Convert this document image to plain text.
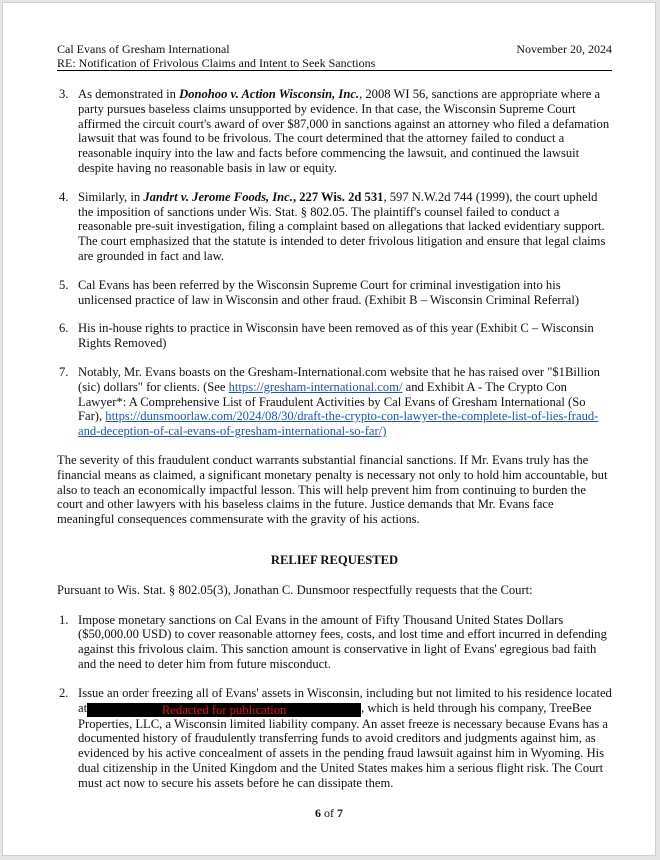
Cal Evans of Gresham International	November 20, 2024
RE: Notification of Frivolous Claims and Intent to Seek Sanctions
3. As demonstrated in Donohoo v. Action Wisconsin, Inc., 2008 WI 56, sanctions are appropriate where a party pursues baseless claims unsupported by evidence. In that case, the Wisconsin Supreme Court affirmed the circuit court's award of over $87,000 in sanctions against an attorney who filed a defamation lawsuit that was found to be frivolous. The court determined that the attorney failed to conduct a reasonable inquiry into the law and facts before commencing the lawsuit, and continued the lawsuit despite having no reasonable basis in law or equity.
4. Similarly, in Jandrt v. Jerome Foods, Inc., 227 Wis. 2d 531, 597 N.W.2d 744 (1999), the court upheld the imposition of sanctions under Wis. Stat. § 802.05. The plaintiff's counsel failed to conduct a reasonable pre-suit investigation, filing a complaint based on allegations that lacked evidentiary support. The court emphasized that the statute is intended to deter frivolous litigation and ensure that legal claims are grounded in fact and law.
5. Cal Evans has been referred by the Wisconsin Supreme Court for criminal investigation into his unlicensed practice of law in Wisconsin and other fraud. (Exhibit B – Wisconsin Criminal Referral)
6. His in-house rights to practice in Wisconsin have been removed as of this year (Exhibit C – Wisconsin Rights Removed)
7. Notably, Mr. Evans boasts on the Gresham-International.com website that he has raised over "$1Billion (sic) dollars" for clients. (See https://gresham-international.com/ and Exhibit A - The Crypto Con Lawyer*: A Comprehensive List of Fraudulent Activities by Cal Evans of Gresham International (So Far), https://dunsmoorlaw.com/2024/08/30/draft-the-crypto-con-lawyer-the-complete-list-of-lies-fraud-and-deception-of-cal-evans-of-gresham-international-so-far/)

The severity of this fraudulent conduct warrants substantial financial sanctions. If Mr. Evans truly has the financial means as claimed, a significant monetary penalty is necessary not only to hold him accountable, but also to teach an economically impactful lesson. This will help prevent him from continuing to burden the court and other lawyers with his baseless claims in the future. Justice demands that Mr. Evans face meaningful consequences commensurate with the gravity of his actions.

RELIEF REQUESTED

Pursuant to Wis. Stat. § 802.05(3), Jonathan C. Dunsmoor respectfully requests that the Court:

1. Impose monetary sanctions on Cal Evans in the amount of Fifty Thousand United States Dollars ($50,000.00 USD) to cover reasonable attorney fees, costs, and lost time and effort incurred in defending against this frivolous claim. This sanction amount is conservative in light of Evans' egregious bad faith and the need to deter him from future misconduct.
2. Issue an order freezing all of Evans' assets in Wisconsin, including but not limited to his residence located at	Redacted for publication	, which is held through his company, TreeBee Properties, LLC, a Wisconsin limited liability company. An asset freeze is necessary because Evans has a documented history of fraudulently transferring funds to avoid creditors and judgments against him, as evidenced by his active concealment of assets in the pending fraud lawsuit against him in Wyoming. His dual citizenship in the United Kingdom and the United States makes him a serious flight risk. The Court must act now to secure his assets before he can dissipate them.
6 of 7
